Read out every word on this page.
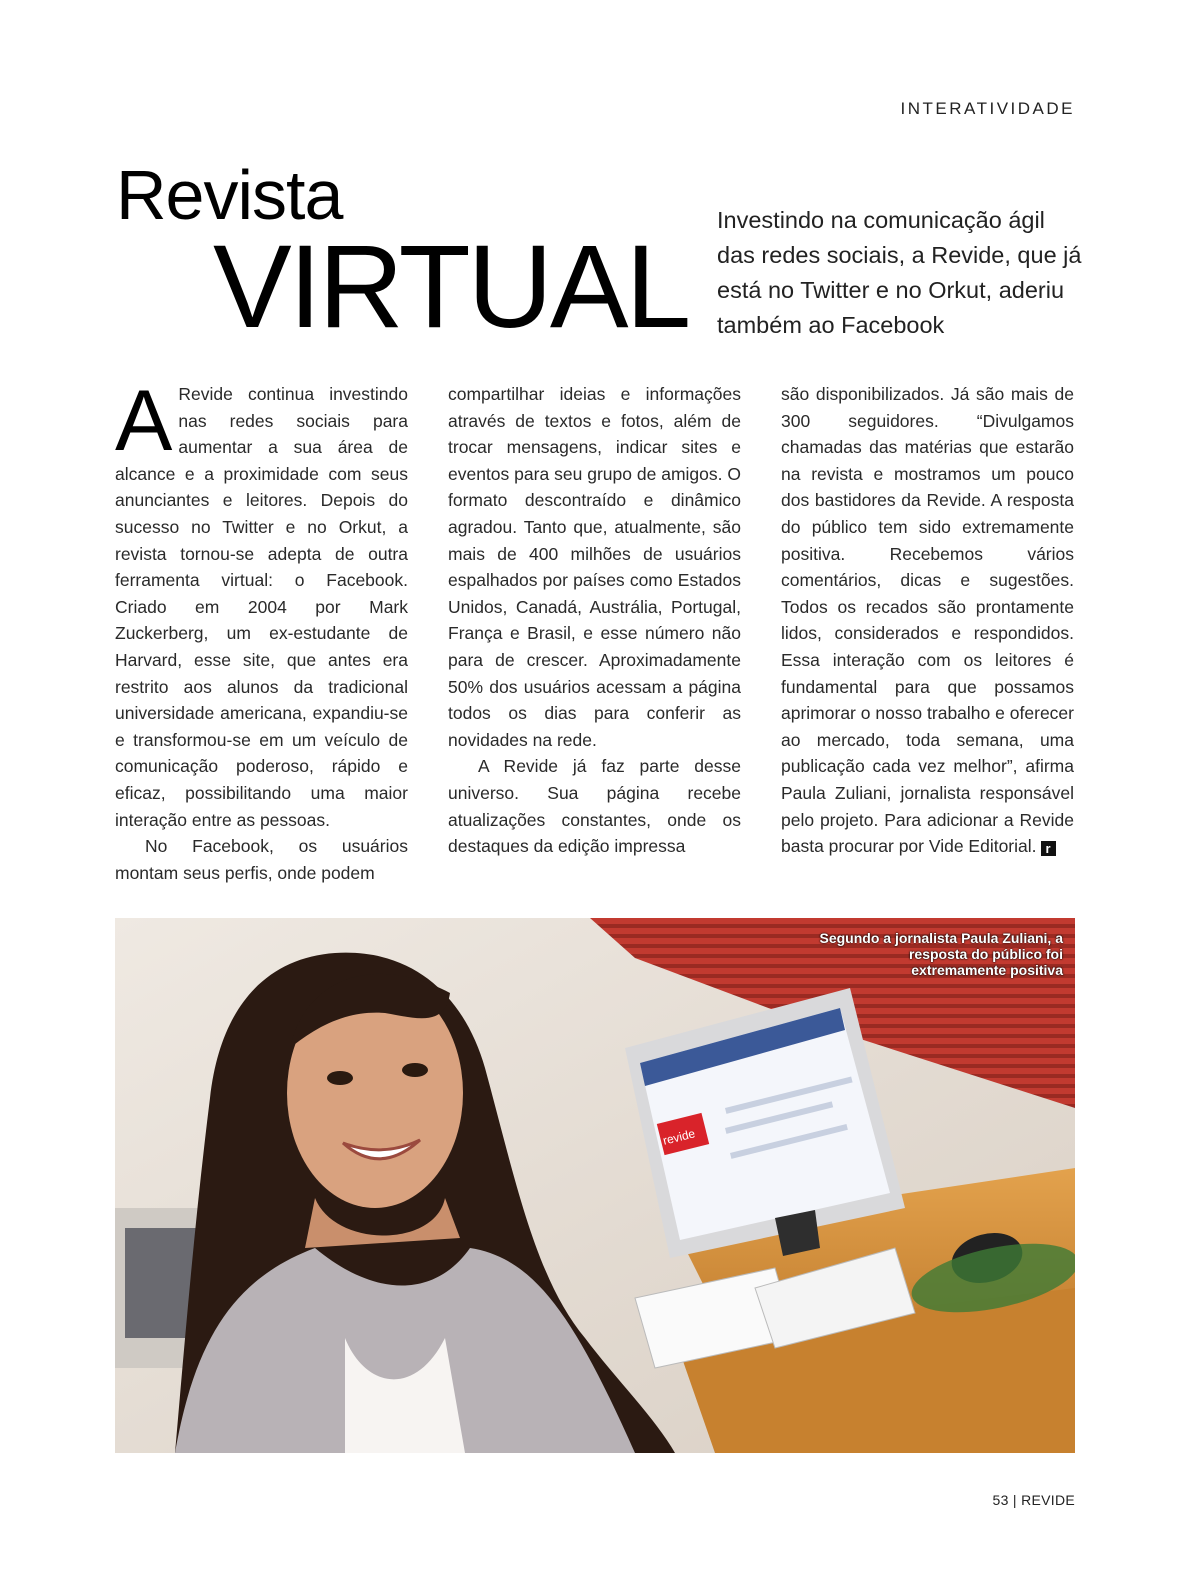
INTERATIVIDADE
Revista
VIRTUAL
Investindo na comunicação ágil das redes sociais, a Revide, que já está no Twitter e no Orkut, aderiu também ao Facebook

A Revide continua investindo nas redes sociais para aumentar a sua área de alcance e a proximidade com seus anunciantes e leitores. Depois do sucesso no Twitter e no Orkut, a revista tornou-se adepta de outra ferramenta virtual: o Facebook. Criado em 2004 por Mark Zuckerberg, um ex-estudante de Harvard, esse site, que antes era restrito aos alunos da tradicional universidade americana, expandiu-se e transformou-se em um veículo de comunicação poderoso, rápido e eficaz, possibilitando uma maior interação entre as pessoas.

No Facebook, os usuários montam seus perfis, onde podem

compartilhar ideias e informações através de textos e fotos, além de trocar mensagens, indicar sites e eventos para seu grupo de amigos. O formato descontraído e dinâmico agradou. Tanto que, atualmente, são mais de 400 milhões de usuários espalhados por países como Estados Unidos, Canadá, Austrália, Portugal, França e Brasil, e esse número não para de crescer. Aproximadamente 50% dos usuários acessam a página todos os dias para conferir as novidades na rede.

A Revide já faz parte desse universo. Sua página recebe atualizações constantes, onde os destaques da edição impressa

são disponibilizados. Já são mais de 300 seguidores. “Divulgamos chamadas das matérias que estarão na revista e mostramos um pouco dos bastidores da Revide. A resposta do público tem sido extremamente positiva. Recebemos vários comentários, dicas e sugestões. Todos os recados são prontamente lidos, considerados e respondidos. Essa interação com os leitores é fundamental para que possamos aprimorar o nosso trabalho e oferecer ao mercado, toda semana, uma publicação cada vez melhor”, afirma Paula Zuliani, jornalista responsável pelo projeto. Para adicionar a Revide basta procurar por Vide Editorial. r

revide
Segundo a jornalista Paula Zuliani, a resposta do público foi extremamente positiva
53 | REVIDE
